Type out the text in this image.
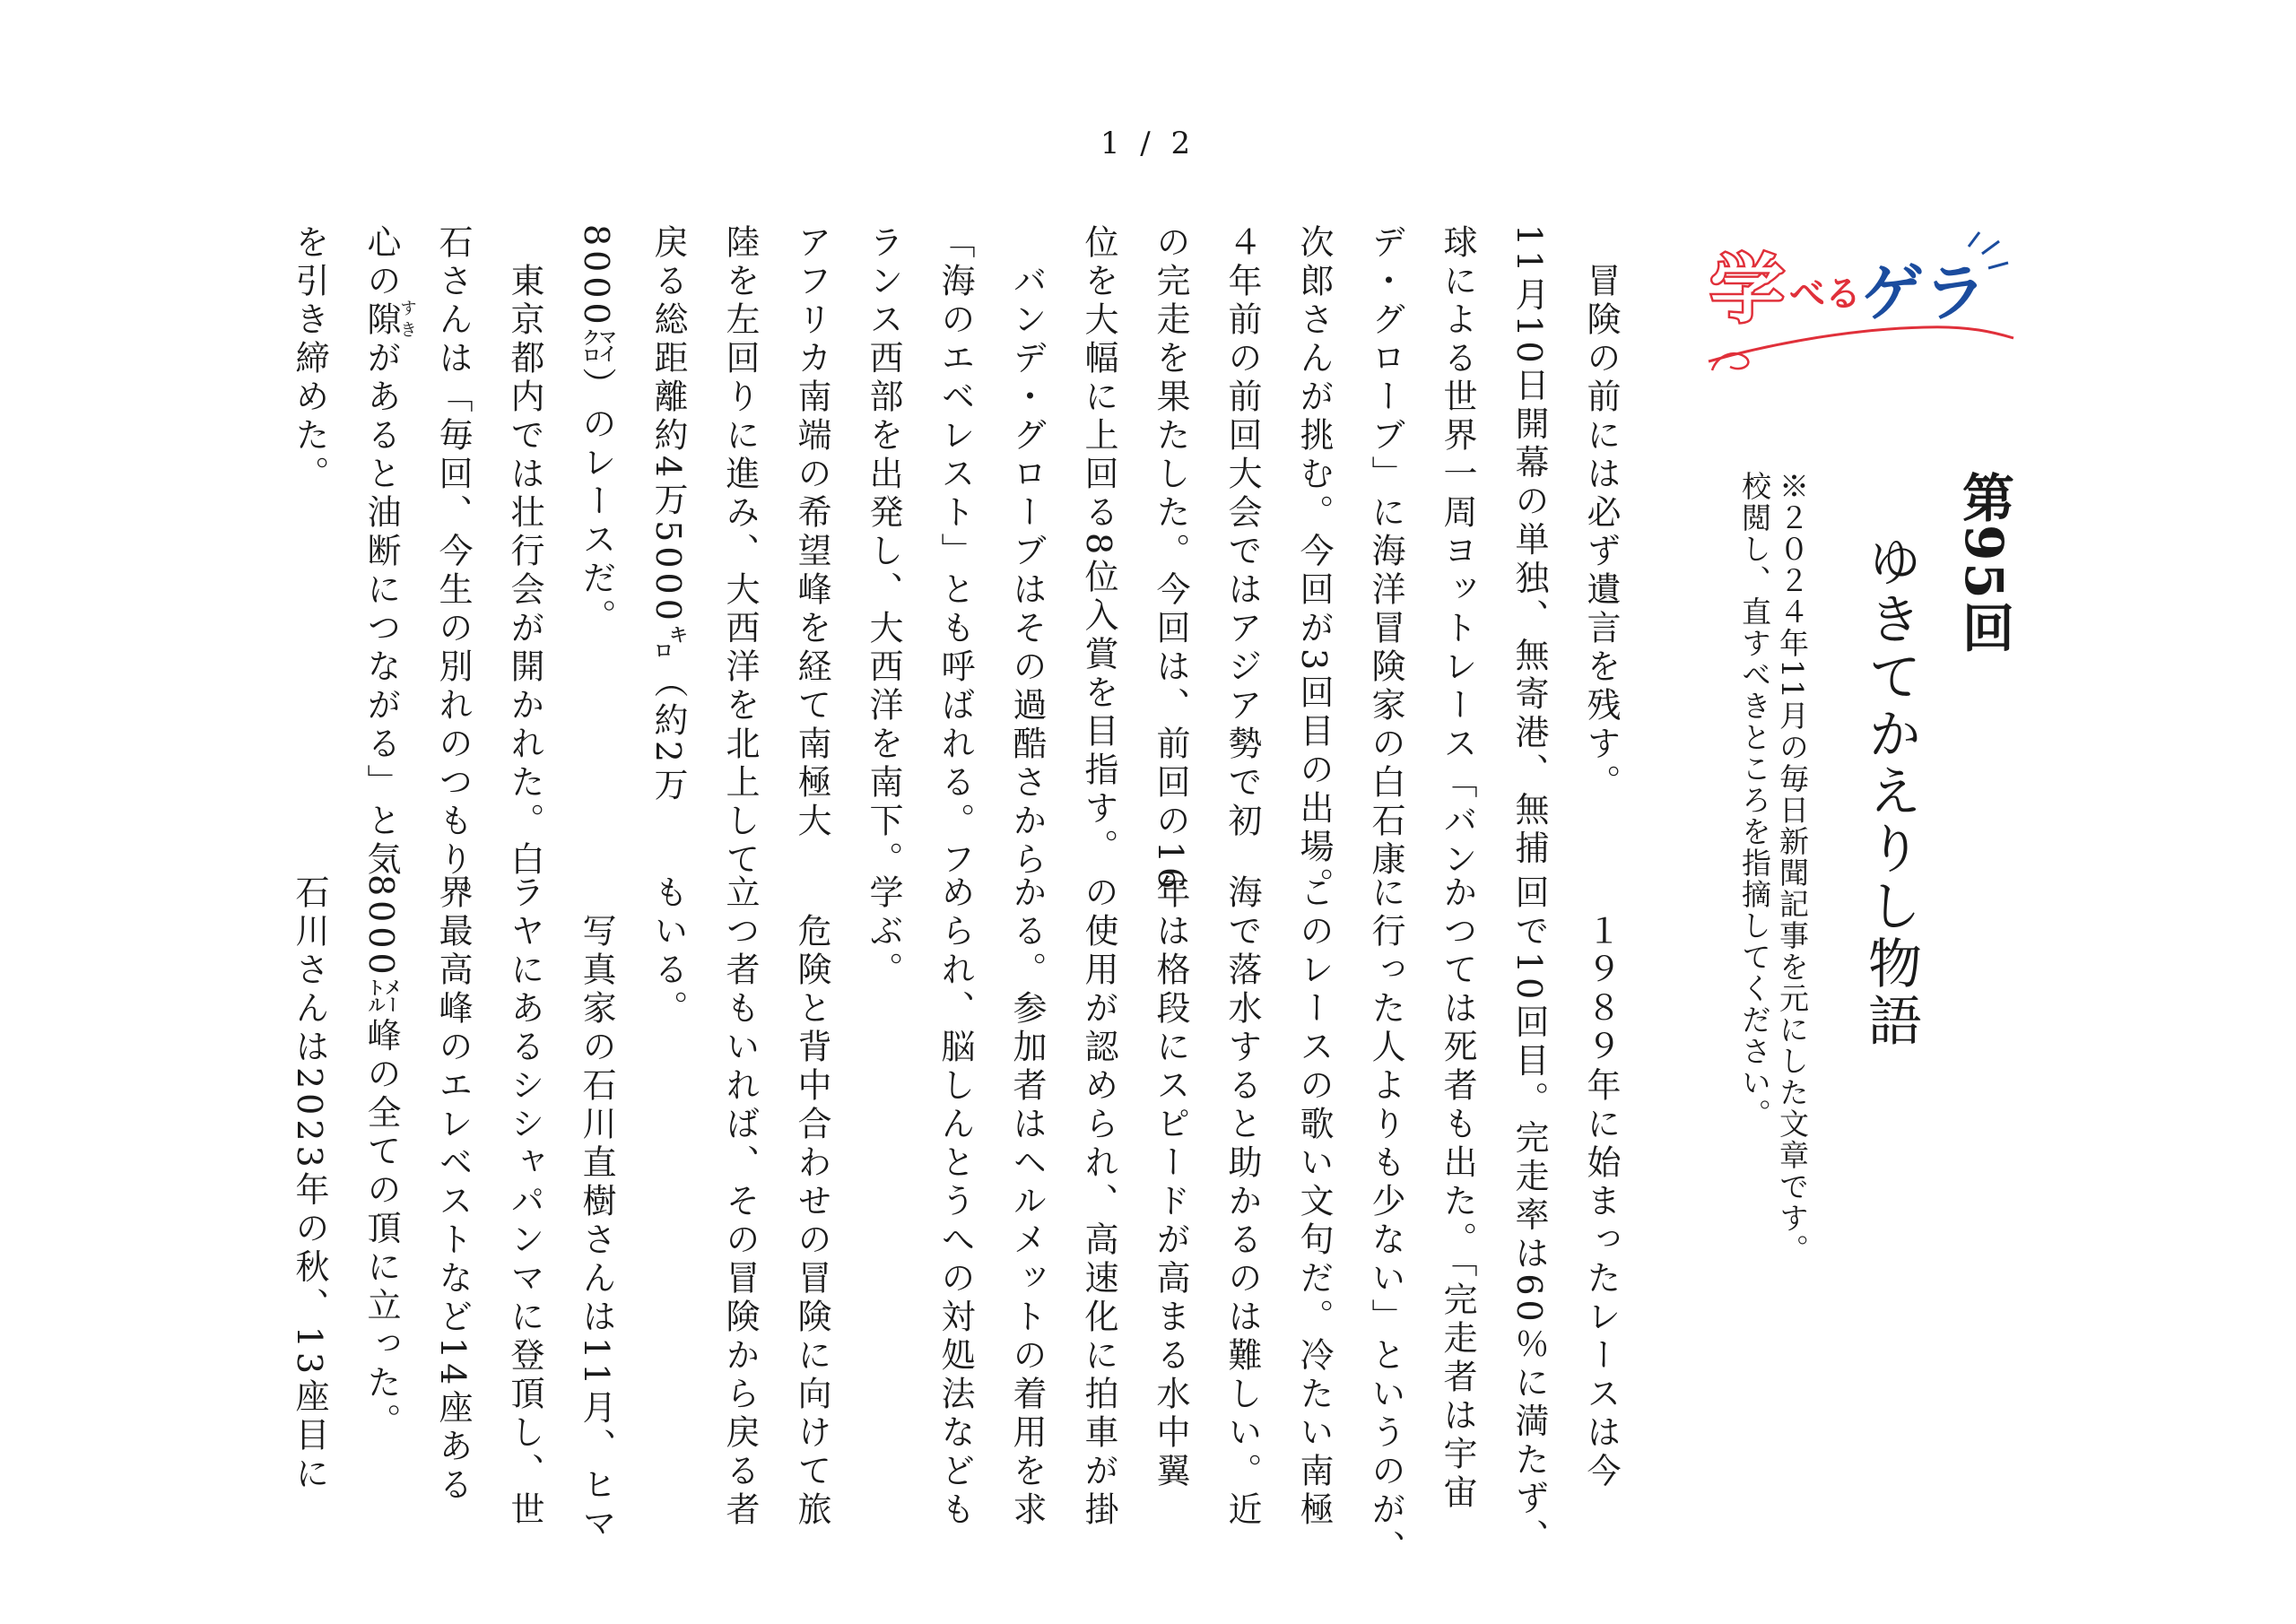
1 / 2
学 べる ゲラ
第95回
ゆきてかえりし物語
※２０２４年11月の毎日新聞記事を元にした文章です。
校閲し、直すべきところを指摘してください。
　冒険の前には必ず遺言を残す。
11月10日開幕の単独、無寄港、無捕
球による世界一周ヨットレース「バン
デ・グローブ」に海洋冒険家の白石康
次郎さんが挑む。今回が3回目の出場。
４年前の前回大会ではアジア勢で初
の完走を果たした。今回は、前回の16
位を大幅に上回る8位入賞を目指す。
　バンデ・グローブはその過酷さから
「海のエベレスト」とも呼ばれる。フ
ランス西部を出発し、大西洋を南下。
アフリカ南端の希望峰を経て南極大
陸を左回りに進み、大西洋を北上して
戻る総距離約4万5000㌔（約2万
8000㍃）のレースだ。
　東京都内では壮行会が開かれた。白
石さんは「毎回、今生の別れのつもり。
心の隙すきがあると油断につながる」と気
を引き締めた。
　１９８９年に始まったレースは今
回で10回目。完走率は60％に満たず、
かつては死者も出た。「完走者は宇宙
に行った人よりも少ない」というのが、
このレースの歌い文句だ。冷たい南極
海で落水すると助かるのは難しい。近
年は格段にスピードが高まる水中翼
の使用が認められ、高速化に拍車が掛
かる。参加者はヘルメットの着用を求
められ、脳しんとうへの対処法なども
学ぶ。
　危険と背中合わせの冒険に向けて旅
立つ者もいれば、その冒険から戻る者
もいる。
　写真家の石川直樹さんは11月、ヒマ
ラヤにあるシシャパンマに登頂し、世
界最高峰のエレベストなど14座ある
8000㍍峰の全ての頂に立った。
石川さんは2023年の秋、13座目に
